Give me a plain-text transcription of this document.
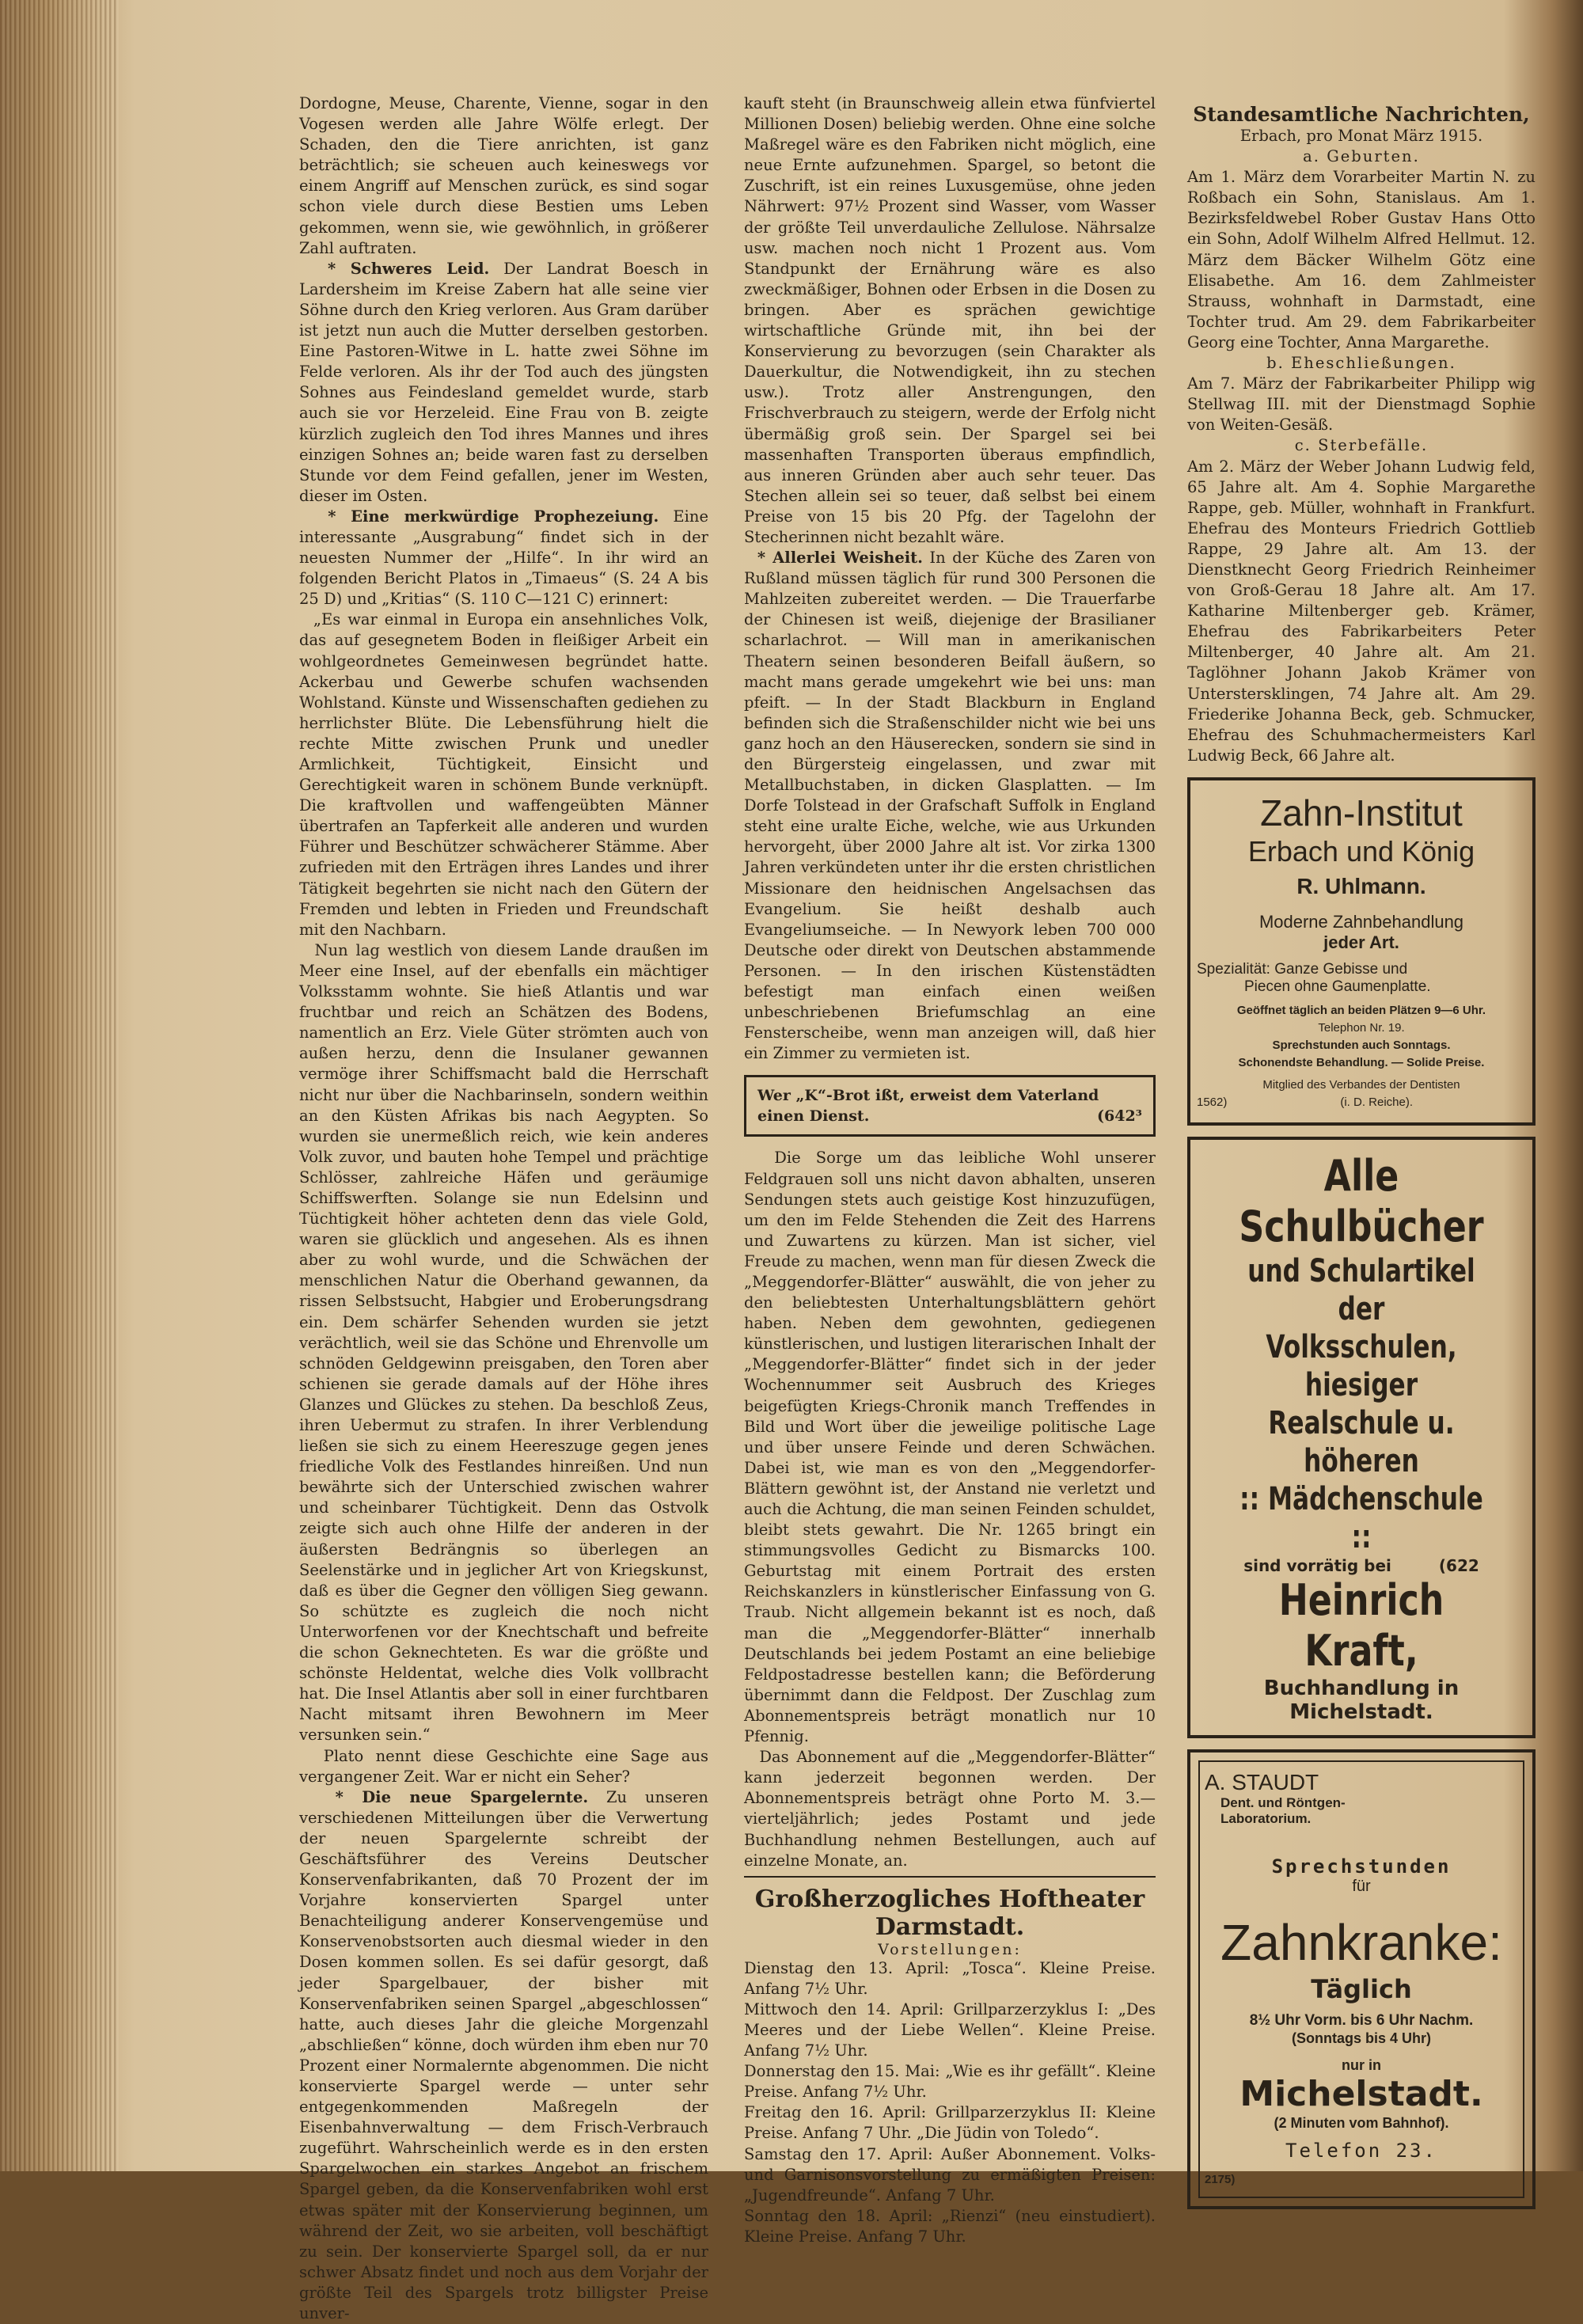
Dordogne, Meuse, Charente, Vienne, sogar in den Vogesen werden alle Jahre Wölfe erlegt. Der Schaden, den die Tiere anrichten, ist ganz beträchtlich; sie scheuen auch keineswegs vor einem Angriff auf Menschen zurück, es sind sogar schon viele durch diese Bestien ums Leben gekommen, wenn sie, wie gewöhnlich, in größerer Zahl auftraten.

* Schweres Leid. Der Landrat Boesch in Lardersheim im Kreise Zabern hat alle seine vier Söhne durch den Krieg verloren. Aus Gram darüber ist jetzt nun auch die Mutter derselben gestorben. Eine Pastoren-Witwe in L. hatte zwei Söhne im Felde verloren. Als ihr der Tod auch des jüngsten Sohnes aus Feindesland gemeldet wurde, starb auch sie vor Herzeleid. Eine Frau von B. zeigte kürzlich zugleich den Tod ihres Mannes und ihres einzigen Sohnes an; beide waren fast zu derselben Stunde vor dem Feind gefallen, jener im Westen, dieser im Osten.

* Eine merkwürdige Prophezeiung. Eine interessante „Ausgrabung“ findet sich in der neuesten Nummer der „Hilfe“. In ihr wird an folgenden Bericht Platos in „Timaeus“ (S. 24 A bis 25 D) und „Kritias“ (S. 110 C—121 C) erinnert:

„Es war einmal in Europa ein ansehnliches Volk, das auf gesegnetem Boden in fleißiger Arbeit ein wohlgeordnetes Gemeinwesen begründet hatte. Ackerbau und Gewerbe schufen wachsenden Wohlstand. Künste und Wissenschaften gediehen zu herrlichster Blüte. Die Lebensführung hielt die rechte Mitte zwischen Prunk und unedler Armlichkeit, Tüchtigkeit, Einsicht und Gerechtigkeit waren in schönem Bunde verknüpft. Die kraftvollen und waffengeübten Männer übertrafen an Tapferkeit alle anderen und wurden Führer und Beschützer schwächerer Stämme. Aber zufrieden mit den Erträgen ihres Landes und ihrer Tätigkeit begehrten sie nicht nach den Gütern der Fremden und lebten in Frieden und Freundschaft mit den Nachbarn.

Nun lag westlich von diesem Lande draußen im Meer eine Insel, auf der ebenfalls ein mächtiger Volksstamm wohnte. Sie hieß Atlantis und war fruchtbar und reich an Schätzen des Bodens, namentlich an Erz. Viele Güter strömten auch von außen herzu, denn die Insulaner gewannen vermöge ihrer Schiffsmacht bald die Herrschaft nicht nur über die Nachbarinseln, sondern weithin an den Küsten Afrikas bis nach Aegypten. So wurden sie unermeßlich reich, wie kein anderes Volk zuvor, und bauten hohe Tempel und prächtige Schlösser, zahlreiche Häfen und geräumige Schiffswerften. Solange sie nun Edelsinn und Tüchtigkeit höher achteten denn das viele Gold, waren sie glücklich und angesehen. Als es ihnen aber zu wohl wurde, und die Schwächen der menschlichen Natur die Oberhand gewannen, da rissen Selbstsucht, Habgier und Eroberungsdrang ein. Dem schärfer Sehenden wurden sie jetzt verächtlich, weil sie das Schöne und Ehrenvolle um schnöden Geldgewinn preisgaben, den Toren aber schienen sie gerade damals auf der Höhe ihres Glanzes und Glückes zu stehen. Da beschloß Zeus, ihren Uebermut zu strafen. In ihrer Verblendung ließen sie sich zu einem Heereszuge gegen jenes friedliche Volk des Festlandes hinreißen. Und nun bewährte sich der Unterschied zwischen wahrer und scheinbarer Tüchtigkeit. Denn das Ostvolk zeigte sich auch ohne Hilfe der anderen in der äußersten Bedrängnis so überlegen an Seelenstärke und in jeglicher Art von Kriegskunst, daß es über die Gegner den völligen Sieg gewann. So schützte es zugleich die noch nicht Unterworfenen vor der Knechtschaft und befreite die schon Geknechteten. Es war die größte und schönste Heldentat, welche dies Volk vollbracht hat. Die Insel Atlantis aber soll in einer furchtbaren Nacht mitsamt ihren Bewohnern im Meer versunken sein.“

Plato nennt diese Geschichte eine Sage aus vergangener Zeit. War er nicht ein Seher?

* Die neue Spargelernte. Zu unseren verschiedenen Mitteilungen über die Verwertung der neuen Spargelernte schreibt der Geschäftsführer des Vereins Deutscher Konservenfabrikanten, daß 70 Prozent der im Vorjahre konservierten Spargel unter Benachteiligung anderer Konservengemüse und Konservenobstsorten auch diesmal wieder in den Dosen kommen sollen. Es sei dafür gesorgt, daß jeder Spargelbauer, der bisher mit Konservenfabriken seinen Spargel „abgeschlossen“ hatte, auch dieses Jahr die gleiche Morgenzahl „abschließen“ könne, doch würden ihm eben nur 70 Prozent einer Normalernte abgenommen. Die nicht konservierte Spargel werde — unter sehr entgegenkommenden Maßregeln der Eisenbahnverwaltung — dem Frisch-Verbrauch zugeführt. Wahrscheinlich werde es in den ersten Spargelwochen ein starkes Angebot an frischem Spargel geben, da die Konservenfabriken wohl erst etwas später mit der Konservierung beginnen, um während der Zeit, wo sie arbeiten, voll beschäftigt zu sein. Der konservierte Spargel soll, da er nur schwer Absatz findet und noch aus dem Vorjahr der größte Teil des Spargels trotz billigster Preise unver-

kauft steht (in Braunschweig allein etwa fünfviertel Millionen Dosen) beliebig werden. Ohne eine solche Maßregel wäre es den Fabriken nicht möglich, eine neue Ernte aufzunehmen. Spargel, so betont die Zuschrift, ist ein reines Luxusgemüse, ohne jeden Nährwert: 97½ Prozent sind Wasser, vom Wasser der größte Teil unverdauliche Zellulose. Nährsalze usw. machen noch nicht 1 Prozent aus. Vom Standpunkt der Ernährung wäre es also zweckmäßiger, Bohnen oder Erbsen in die Dosen zu bringen. Aber es sprächen gewichtige wirtschaftliche Gründe mit, ihn bei der Konservierung zu bevorzugen (sein Charakter als Dauerkultur, die Notwendigkeit, ihn zu stechen usw.). Trotz aller Anstrengungen, den Frischverbrauch zu steigern, werde der Erfolg nicht übermäßig groß sein. Der Spargel sei bei massenhaften Transporten überaus empfindlich, aus inneren Gründen aber auch sehr teuer. Das Stechen allein sei so teuer, daß selbst bei einem Preise von 15 bis 20 Pfg. der Tagelohn der Stecherinnen nicht bezahlt wäre.

* Allerlei Weisheit. In der Küche des Zaren von Rußland müssen täglich für rund 300 Personen die Mahlzeiten zubereitet werden. — Die Trauerfarbe der Chinesen ist weiß, diejenige der Brasilianer scharlachrot. — Will man in amerikanischen Theatern seinen besonderen Beifall äußern, so macht mans gerade umgekehrt wie bei uns: man pfeift. — In der Stadt Blackburn in England befinden sich die Straßenschilder nicht wie bei uns ganz hoch an den Häuserecken, sondern sie sind in den Bürgersteig eingelassen, und zwar mit Metallbuchstaben, in dicken Glasplatten. — Im Dorfe Tolstead in der Grafschaft Suffolk in England steht eine uralte Eiche, welche, wie aus Urkunden hervorgeht, über 2000 Jahre alt ist. Vor zirka 1300 Jahren verkündeten unter ihr die ersten christlichen Missionare den heidnischen Angelsachsen das Evangelium. Sie heißt deshalb auch Evangeliumseiche. — In Newyork leben 700 000 Deutsche oder direkt von Deutschen abstammende Personen. — In den irischen Küstenstädten befestigt man einfach einen weißen unbeschriebenen Briefumschlag an eine Fensterscheibe, wenn man anzeigen will, daß hier ein Zimmer zu vermieten ist.

Wer „K“-Brot ißt, erweist dem Vaterland
einen Dienst.	(642³

Die Sorge um das leibliche Wohl unserer Feldgrauen soll uns nicht davon abhalten, unseren Sendungen stets auch geistige Kost hinzuzufügen, um den im Felde Stehenden die Zeit des Harrens und Zuwartens zu kürzen. Man ist sicher, viel Freude zu machen, wenn man für diesen Zweck die „Meggendorfer-Blätter“ auswählt, die von jeher zu den beliebtesten Unterhaltungsblättern gehört haben. Neben dem gewohnten, gediegenen künstlerischen, und lustigen literarischen Inhalt der „Meggendorfer-Blätter“ findet sich in der jeder Wochennummer seit Ausbruch des Krieges beigefügten Kriegs-Chronik manch Treffendes in Bild und Wort über die jeweilige politische Lage und über unsere Feinde und deren Schwächen. Dabei ist, wie man es von den „Meggendorfer-Blättern gewöhnt ist, der Anstand nie verletzt und auch die Achtung, die man seinen Feinden schuldet, bleibt stets gewahrt. Die Nr. 1265 bringt ein stimmungsvolles Gedicht zu Bismarcks 100. Geburtstag mit einem Portrait des ersten Reichskanzlers in künstlerischer Einfassung von G. Traub. Nicht allgemein bekannt ist es noch, daß man die „Meggendorfer-Blätter“ innerhalb Deutschlands bei jedem Postamt an eine beliebige Feldpostadresse bestellen kann; die Beförderung übernimmt dann die Feldpost. Der Zuschlag zum Abonnementspreis beträgt monatlich nur 10 Pfennig.

Das Abonnement auf die „Meggendorfer-Blätter“ kann jederzeit begonnen werden. Der Abonnementspreis beträgt ohne Porto M. 3.— vierteljährlich; jedes Postamt und jede Buchhandlung nehmen Bestellungen, auch auf einzelne Monate, an.

Großherzogliches Hoftheater Darmstadt.
Vorstellungen:

Dienstag den 13. April: „Tosca“. Kleine Preise. Anfang 7½ Uhr.

Mittwoch den 14. April: Grillparzerzyklus I: „Des Meeres und der Liebe Wellen“. Kleine Preise. Anfang 7½ Uhr.

Donnerstag den 15. Mai: „Wie es ihr gefällt“. Kleine Preise. Anfang 7½ Uhr.

Freitag den 16. April: Grillparzerzyklus II: Kleine Preise. Anfang 7 Uhr. „Die Jüdin von Toledo“.

Samstag den 17. April: Außer Abonnement. Volks- und Garnisonsvorstellung zu ermäßigten Preisen: „Jugendfreunde“. Anfang 7 Uhr.

Sonntag den 18. April: „Rienzi“ (neu einstudiert). Kleine Preise. Anfang 7 Uhr.

Standesamtliche Nachrichten,

Erbach, pro Monat März 1915.

a. Geburten.

Am 1. März dem Vorarbeiter Martin N. zu Roßbach ein Sohn, Stanislaus. Am 1. Bezirksfeldwebel Rober Gustav Hans Otto ein Sohn, Adolf Wilhelm Alfred Hellmut. 12. März dem Bäcker Wilhelm Götz eine Elisabethe. Am 16. dem Zahlmeister Strauss, wohnhaft in Darmstadt, eine Tochter trud. Am 29. dem Fabrikarbeiter Georg eine Tochter, Anna Margarethe.

b. Eheschließungen.

Am 7. März der Fabrikarbeiter Philipp wig Stellwag III. mit der Dienstmagd Sophie von Weiten-Gesäß.

c. Sterbefälle.

Am 2. März der Weber Johann Ludwig feld, 65 Jahre alt. Am 4. Sophie Margarethe Rappe, geb. Müller, wohnhaft in Frankfurt. Ehefrau des Monteurs Friedrich Gottlieb Rappe, 29 Jahre alt. Am 13. der Dienstknecht Georg Friedrich Reinheimer von Groß-Gerau 18 Jahre alt. Am 17. Katharine Miltenberger geb. Krämer, Ehefrau des Fabrikarbeiters Peter Miltenberger, 40 Jahre alt. Am 21. Taglöhner Johann Jakob Krämer von Unterstersklingen, 74 Jahre alt. Am 29. Friederike Johanna Beck, geb. Schmucker, Ehefrau des Schuhmachermeisters Karl Ludwig Beck, 66 Jahre alt.

Zahn-Institut
Erbach und König
R. Uhlmann.
Moderne Zahnbehandlung
jeder Art.
Spezialität: Ganze Gebisse und
Piecen ohne Gaumenplatte.
Geöffnet täglich an beiden Plätzen 9—6 Uhr.
Telephon Nr. 19.
Sprechstunden auch Sonntags.
Schonendste Behandlung. — Solide Preise.
Mitglied des Verbandes der Dentisten
1562)	(i. D. Reiche).
Alle Schulbücher
und Schulartikel der
Volksschulen, hiesiger
Realschule u. höheren
:: Mädchenschule ::
sind vorrätig bei	(622
Heinrich Kraft,
Buchhandlung in Michelstadt.
A. STAUDT
Dent. und Röntgen-
Laboratorium.
Sprechstunden
für
Zahnkranke:
Täglich
8½ Uhr Vorm. bis 6 Uhr Nachm.
(Sonntags bis 4 Uhr)
nur in
Michelstadt.
(2 Minuten vom Bahnhof).
Telefon 23.
2175)
